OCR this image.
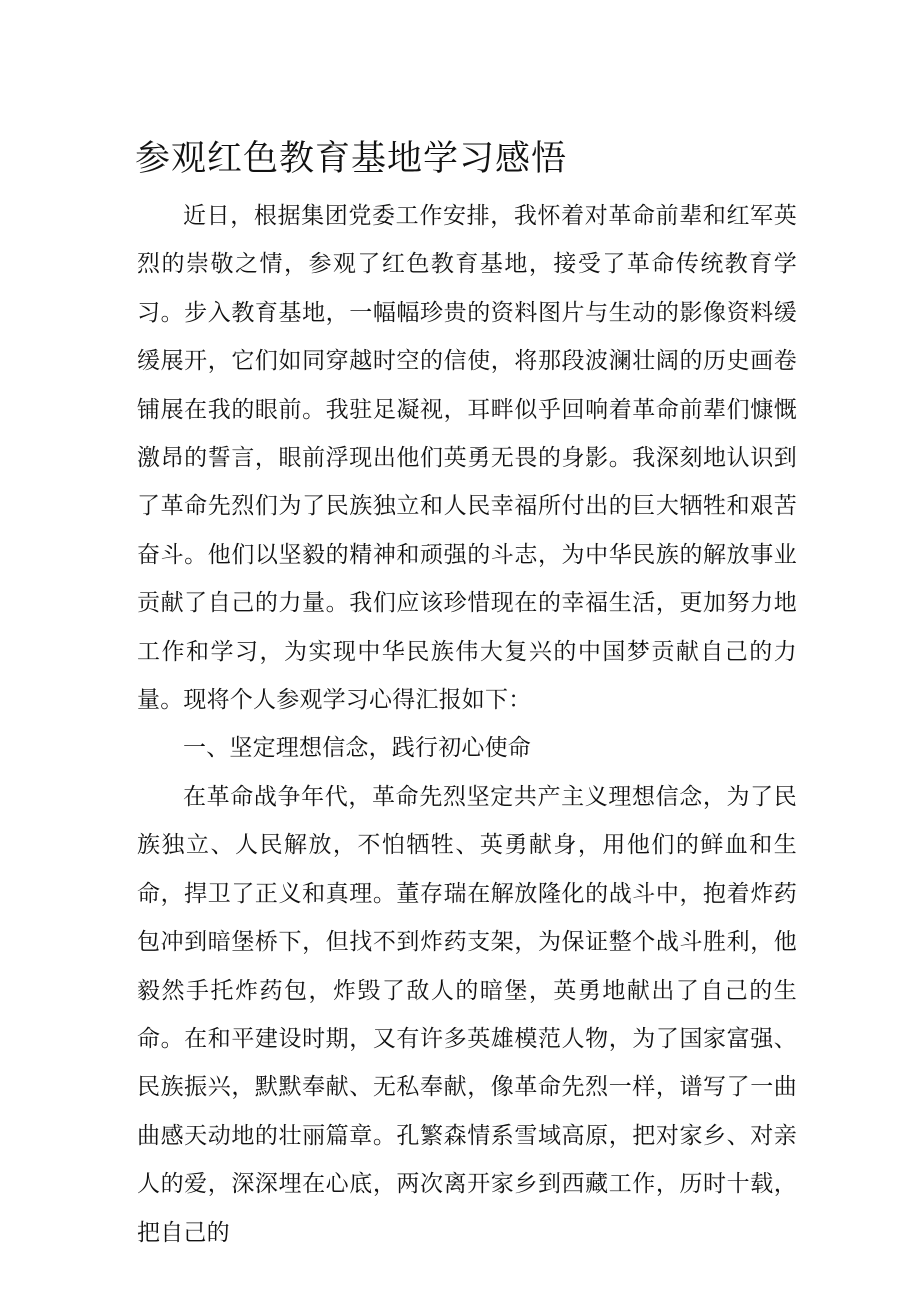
参观红色教育基地学习感悟

近日，根据集团党委工作安排，我怀着对革命前辈和红军英烈的崇敬之情，参观了红色教育基地，接受了革命传统教育学习。步入教育基地，一幅幅珍贵的资料图片与生动的影像资料缓缓展开，它们如同穿越时空的信使，将那段波澜壮阔的历史画卷铺展在我的眼前。我驻足凝视，耳畔似乎回响着革命前辈们慷慨激昂的誓言，眼前浮现出他们英勇无畏的身影。我深刻地认识到了革命先烈们为了民族独立和人民幸福所付出的巨大牺牲和艰苦奋斗。他们以坚毅的精神和顽强的斗志，为中华民族的解放事业贡献了自己的力量。我们应该珍惜现在的幸福生活，更加努力地工作和学习，为实现中华民族伟大复兴的中国梦贡献自己的力量。现将个人参观学习心得汇报如下：

一、坚定理想信念，践行初心使命

在革命战争年代，革命先烈坚定共产主义理想信念，为了民族独立、人民解放，不怕牺牲、英勇献身，用他们的鲜血和生命，捍卫了正义和真理。董存瑞在解放隆化的战斗中，抱着炸药包冲到暗堡桥下，但找不到炸药支架，为保证整个战斗胜利，他毅然手托炸药包，炸毁了敌人的暗堡，英勇地献出了自己的生命。在和平建设时期，又有许多英雄模范人物，为了国家富强、民族振兴，默默奉献、无私奉献，像革命先烈一样，谱写了一曲曲感天动地的壮丽篇章。孔繁森情系雪域高原，把对家乡、对亲人的爱，深深埋在心底，两次离开家乡到西藏工作，历时十载，把自己的
